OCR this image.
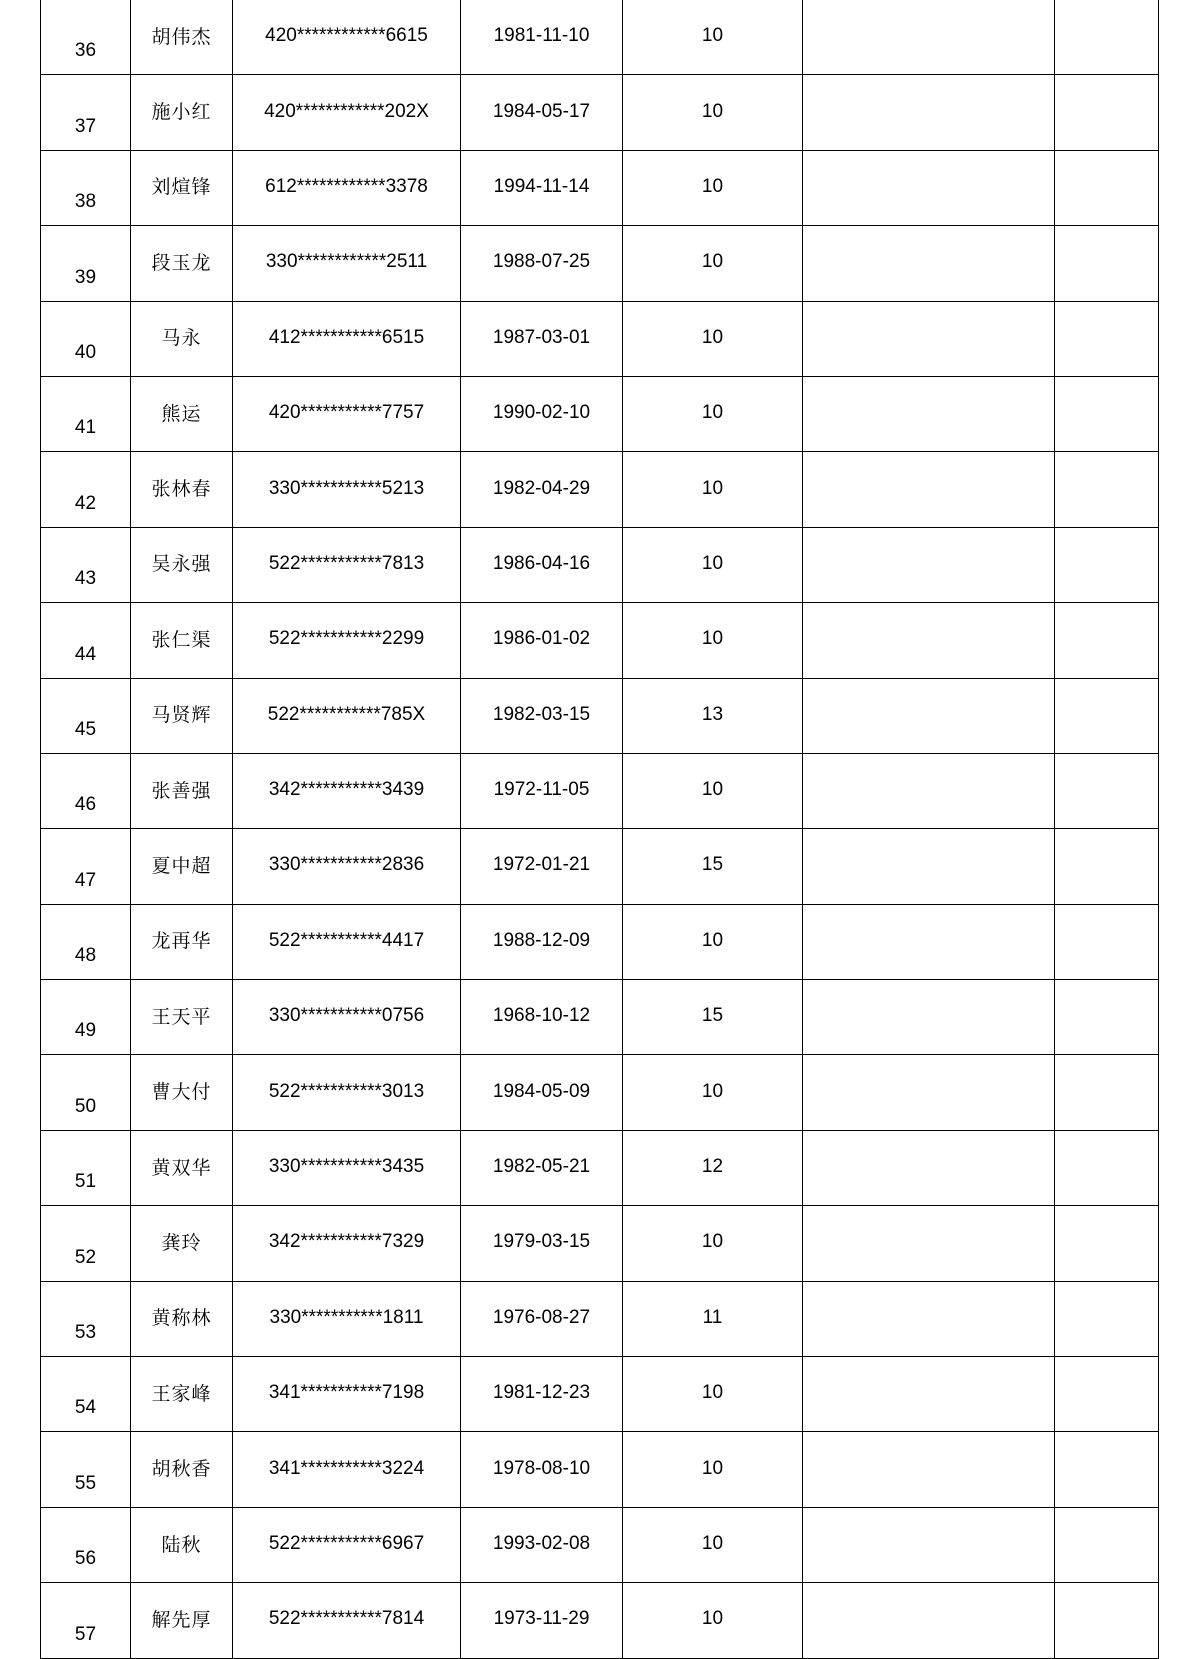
36	胡伟杰	420************6615	1981-11-10	10		
37	施小红	420************202X	1984-05-17	10		
38	刘煊锋	612************3378	1994-11-14	10		
39	段玉龙	330************2511	1988-07-25	10		
40	马永	412***********6515	1987-03-01	10		
41	熊运	420***********7757	1990-02-10	10		
42	张林春	330***********5213	1982-04-29	10		
43	吴永强	522***********7813	1986-04-16	10		
44	张仁渠	522***********2299	1986-01-02	10		
45	马贤辉	522***********785X	1982-03-15	13		
46	张善强	342***********3439	1972-11-05	10		
47	夏中超	330***********2836	1972-01-21	15		
48	龙再华	522***********4417	1988-12-09	10		
49	王天平	330***********0756	1968-10-12	15		
50	曹大付	522***********3013	1984-05-09	10		
51	黄双华	330***********3435	1982-05-21	12		
52	龚玲	342***********7329	1979-03-15	10		
53	黄称林	330***********1811	1976-08-27	11		
54	王家峰	341***********7198	1981-12-23	10		
55	胡秋香	341***********3224	1978-08-10	10		
56	陆秋	522***********6967	1993-02-08	10		
57	解先厚	522***********7814	1973-11-29	10		
